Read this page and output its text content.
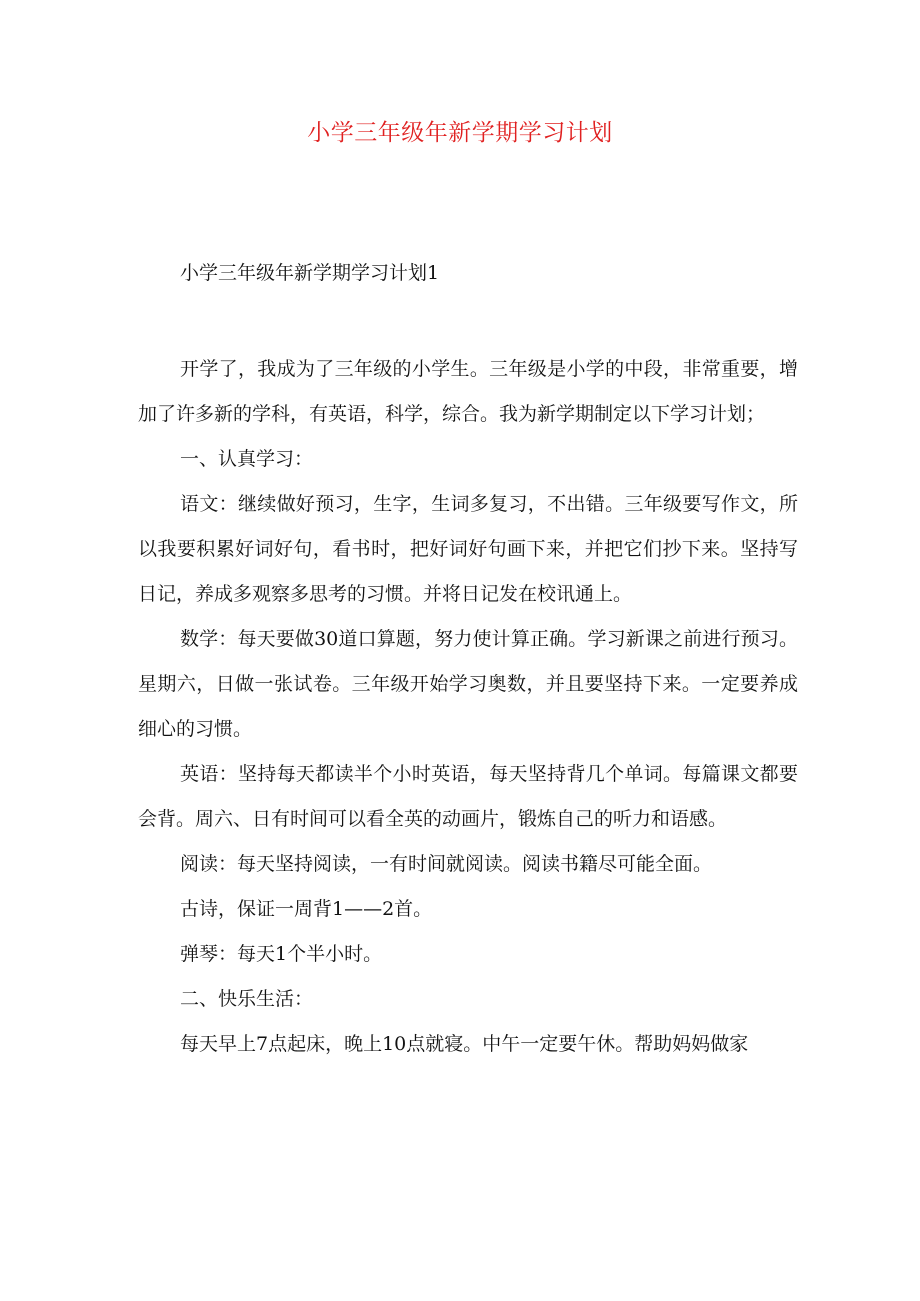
小学三年级年新学期学习计划
小学三年级年新学期学习计划1

开学了，我成为了三年级的小学生。三年级是小学的中段，非常重要，增加了许多新的学科，有英语，科学，综合。我为新学期制定以下学习计划；

一、认真学习：

语文：继续做好预习，生字，生词多复习，不出错。三年级要写作文，所以我要积累好词好句，看书时，把好词好句画下来，并把它们抄下来。坚持写日记，养成多观察多思考的习惯。并将日记发在校讯通上。

数学：每天要做30道口算题，努力使计算正确。学习新课之前进行预习。星期六，日做一张试卷。三年级开始学习奥数，并且要坚持下来。一定要养成细心的习惯。

英语：坚持每天都读半个小时英语，每天坚持背几个单词。每篇课文都要会背。周六、日有时间可以看全英的动画片，锻炼自己的听力和语感。

阅读：每天坚持阅读，一有时间就阅读。阅读书籍尽可能全面。

古诗，保证一周背1——2首。

弹琴：每天1个半小时。

二、快乐生活：

每天早上7点起床，晚上10点就寝。中午一定要午休。帮助妈妈做家
